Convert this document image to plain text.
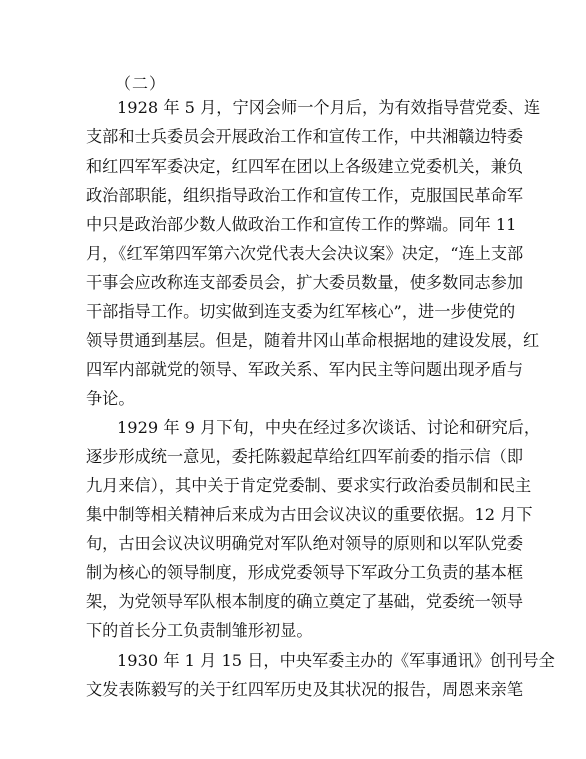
（二）
1928 年 5 月，宁冈会师一个月后，为有效指导营党委、连
支部和士兵委员会开展政治工作和宣传工作，中共湘赣边特委
和红四军军委决定，红四军在团以上各级建立党委机关，兼负
政治部职能，组织指导政治工作和宣传工作，克服国民革命军
中只是政治部少数人做政治工作和宣传工作的弊端。同年 11
月，《红军第四军第六次党代表大会决议案》决定，“连上支部
干事会应改称连支部委员会，扩大委员数量，使多数同志参加
干部指导工作。切实做到连支委为红军核心”，进一步使党的
领导贯通到基层。但是，随着井冈山革命根据地的建设发展，红
四军内部就党的领导、军政关系、军内民主等问题出现矛盾与
争论。
1929 年 9 月下旬，中央在经过多次谈话、讨论和研究后，
逐步形成统一意见，委托陈毅起草给红四军前委的指示信（即
九月来信），其中关于肯定党委制、要求实行政治委员制和民主
集中制等相关精神后来成为古田会议决议的重要依据。12 月下
旬，古田会议决议明确党对军队绝对领导的原则和以军队党委
制为核心的领导制度，形成党委领导下军政分工负责的基本框
架，为党领导军队根本制度的确立奠定了基础，党委统一领导
下的首长分工负责制雏形初显。
1930 年 1 月 15 日，中央军委主办的《军事通讯》创刊号全
文发表陈毅写的关于红四军历史及其状况的报告，周恩来亲笔
